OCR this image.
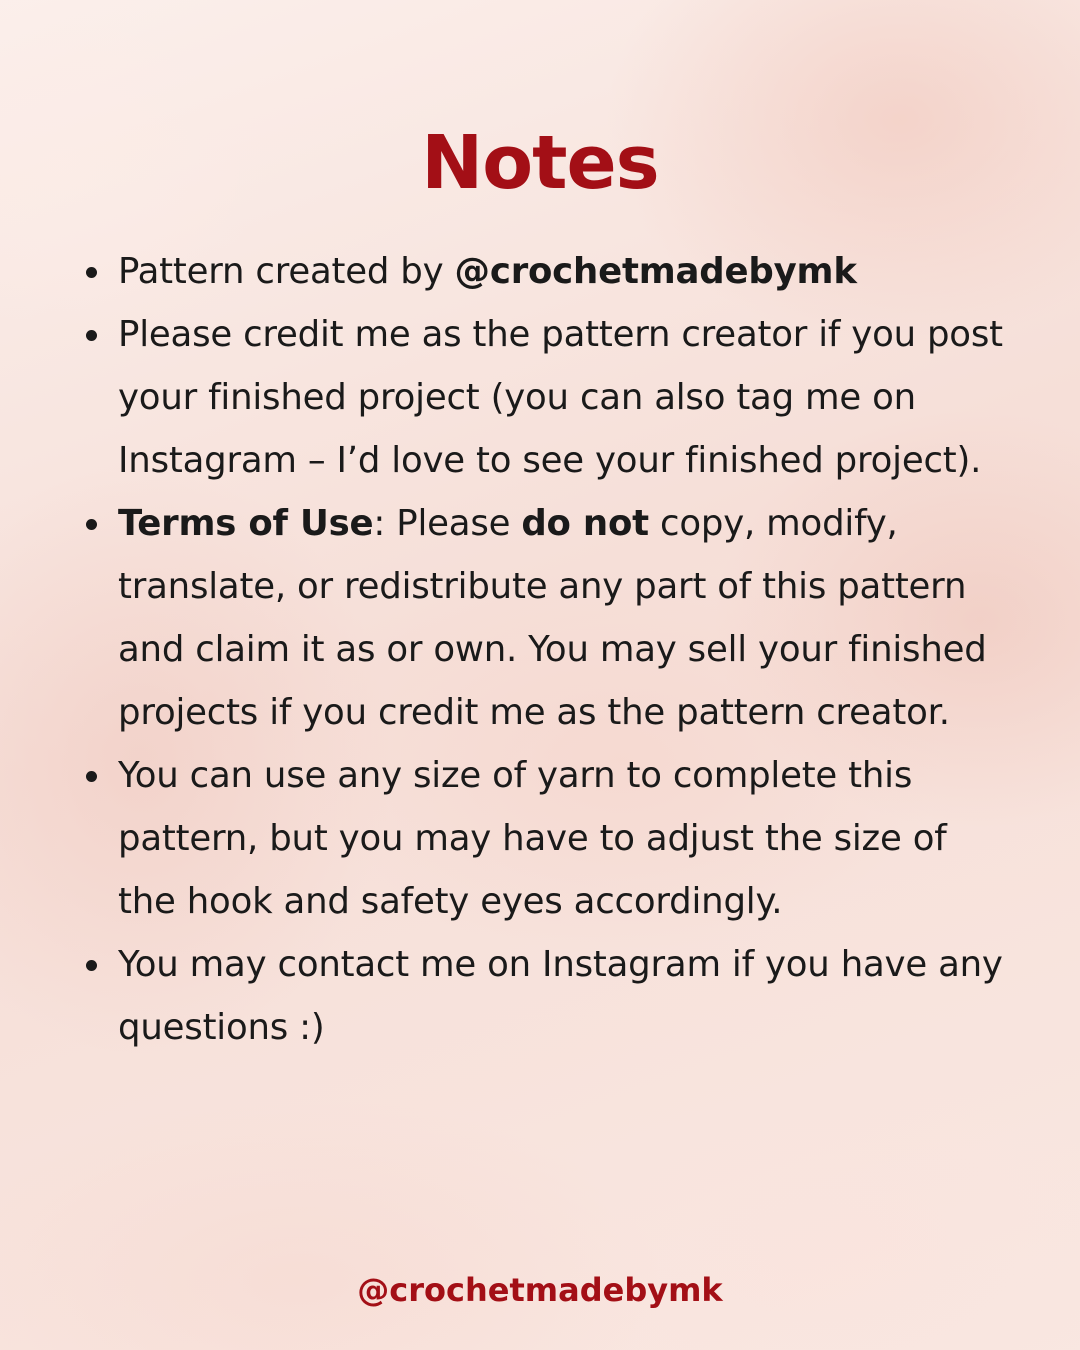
Notes
Pattern created by @crochetmadebymk
Please credit me as the pattern creator if you post your finished project (you can also tag me on Instagram – I’d love to see your finished project).
Terms of Use: Please do not copy, modify, translate, or redistribute any part of this pattern and claim it as or own. You may sell your finished projects if you credit me as the pattern creator.
You can use any size of yarn to complete this pattern, but you may have to adjust the size of the hook and safety eyes accordingly.
You may contact me on Instagram if you have any questions :)
@crochetmadebymk
